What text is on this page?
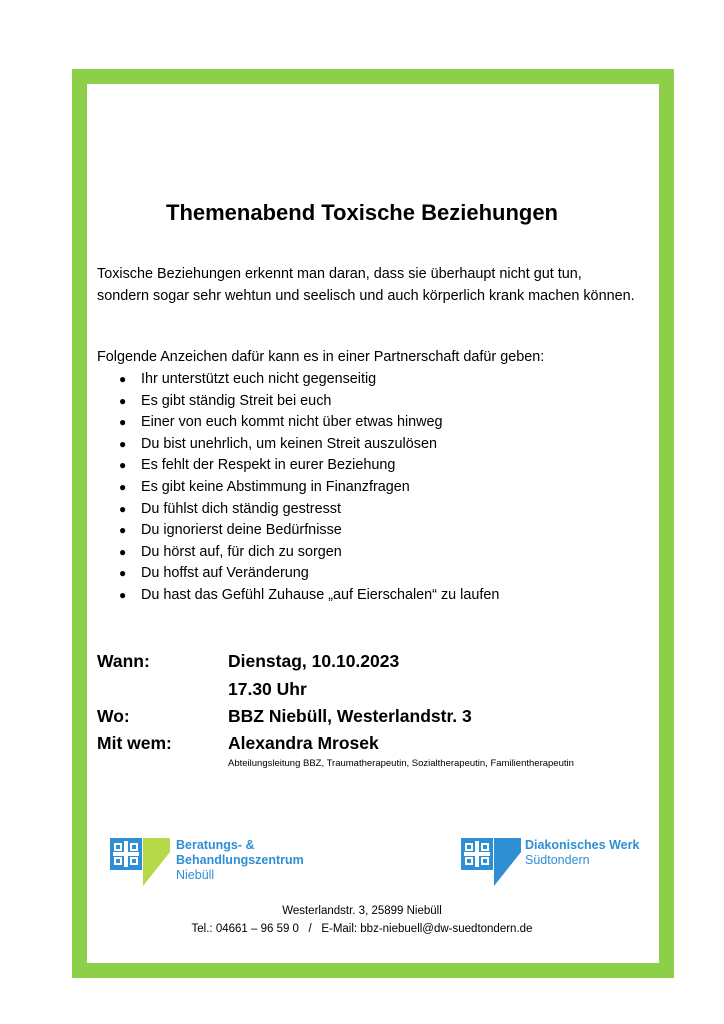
Themenabend Toxische Beziehungen
Toxische Beziehungen erkennt man daran, dass sie überhaupt nicht gut tun, sondern sogar sehr wehtun und seelisch und auch körperlich krank machen können.
Folgende Anzeichen dafür kann es in einer Partnerschaft dafür geben:
● Ihr unterstützt euch nicht gegenseitig
● Es gibt ständig Streit bei euch
● Einer von euch kommt nicht über etwas hinweg
● Du bist unehrlich, um keinen Streit auszulösen
● Es fehlt der Respekt in eurer Beziehung
● Es gibt keine Abstimmung in Finanzfragen
● Du fühlst dich ständig gestresst
● Du ignorierst deine Bedürfnisse
● Du hörst auf, für dich zu sorgen
● Du hoffst auf Veränderung
● Du hast das Gefühl Zuhause „auf Eierschalen“ zu laufen
Wann:	Dienstag, 10.10.2023
17.30 Uhr
Wo:	BBZ Niebüll, Westerlandstr. 3
Mit wem:	Alexandra Mrosek
Abteilungsleitung BBZ, Traumatherapeutin, Sozialtherapeutin, Familientherapeutin
Beratungs- &
Behandlungszentrum
Niebüll
Diakonisches Werk
Südtondern
Westerlandstr. 3, 25899 Niebüll
Tel.: 04661 – 96 59 0   /   E-Mail: bbz-niebuell@dw-suedtondern.de
